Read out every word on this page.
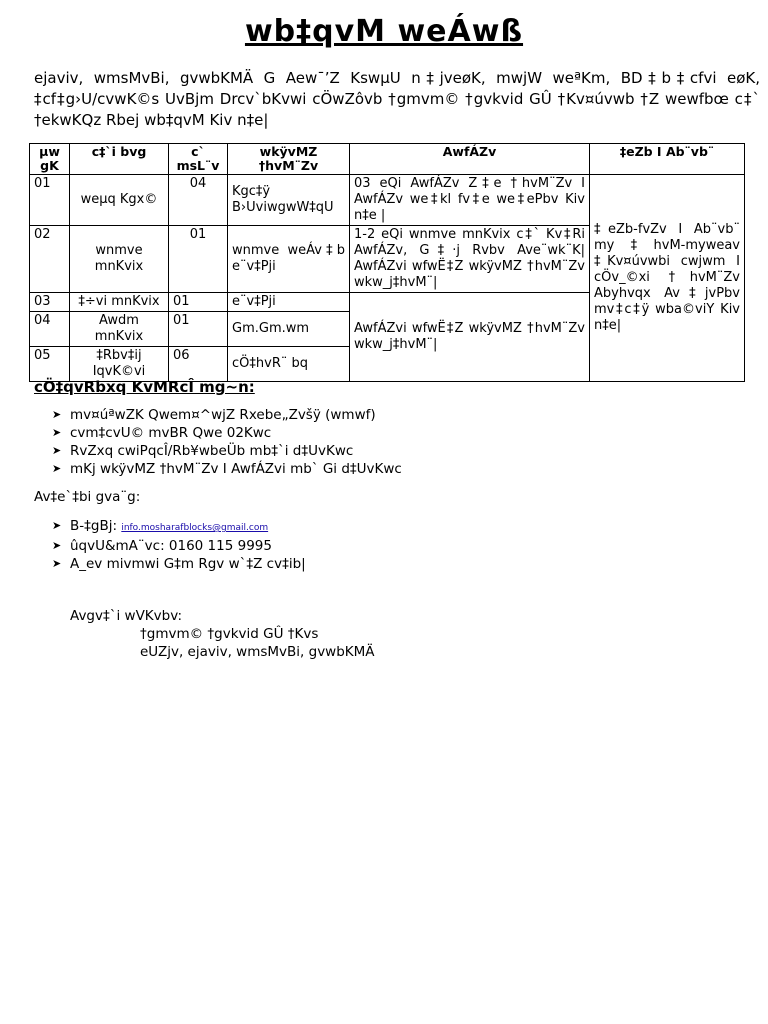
wb‡qvM weÁwß
ejaviv, wmsMvBi, gvwbKMÄ G Aew¯’Z KswµU n‡jveøK, mwjW weªKm, BD‡b‡cfvi eøK, ‡cf‡g›U/cvwK©s UvBjm Drcv`bKvwi cÖwZôvb †gmvm© †gvkvid GÛ †Kv¤úvwb †Z wewfbœ c‡` †ekwKQz Rbej wb‡qvM Kiv n‡e|
µw gK	c‡`i bvg	c` msL¨v	wkÿvMZ †hvM¨Zv	AwfÁZv	‡eZb I Ab¨vb¨
01	weµq Kgx©	04	Kgc‡ÿ B›UviwgwW‡qU	03 eQi AwfÁZv Z‡e †hvM¨Zv I AwfÁZv we‡kl fv‡e we‡ePbv Kiv n‡e |	‡eZb-fvZv I Ab¨vb¨ my‡hvM-myweav ‡Kv¤úvwbi cwjwm I cÖv_©xi †hvM¨Zv Abyhvqx Av‡jvPbv mv‡c‡ÿ wba©viY Kiv n‡e|
02	wnmve mnKvix	01	wnmve weÁv‡b e¨v‡Pji	1-2 eQi wnmve mnKvix c‡` Kv‡Ri AwfÁZv, G‡·j Rvbv Ave¨wk¨K| AwfÁZvi wfwË‡Z wkÿvMZ †hvM¨Zv wkw_j‡hvM¨|	
03	‡÷vi mnKvix	01	e¨v‡Pji	AwfÁZvi wfwË‡Z wkÿvMZ †hvM¨Zv wkw_j‡hvM¨|	
04	Awdm mnKvix	01	Gm.Gm.wm		
05	‡Rbv‡ij IqvK©vi	06	cÖ‡hvR¨ bq		
cÖ‡qvRbxq KvMRcÎ mg~n:
➤ mv¤úªwZK Qwem¤^wjZ Rxebe„Zvšÿ (wmwf)
➤ cvm‡cvU© mvBR Qwe 02Kwc
➤ RvZxq cwiPqcÎ/Rb¥wbeÜb mb‡`i d‡UvKwc
➤ mKj wkÿvMZ †hvM¨Zv I AwfÁZvi mb` Gi d‡UvKwc
Av‡e`‡bi gva¨g:
➤ B-‡gBj: info.mosharafblocks@gmail.com
➤ ûqvU&mA¨vc: 0160 115 9995
➤ A_ev mivmwi G‡m Rgv w`‡Z cv‡ib|
Avgv‡`i wVKvbv:
†gmvm© †gvkvid GÛ †Kvs
eUZjv, ejaviv, wmsMvBi, gvwbKMÄ
